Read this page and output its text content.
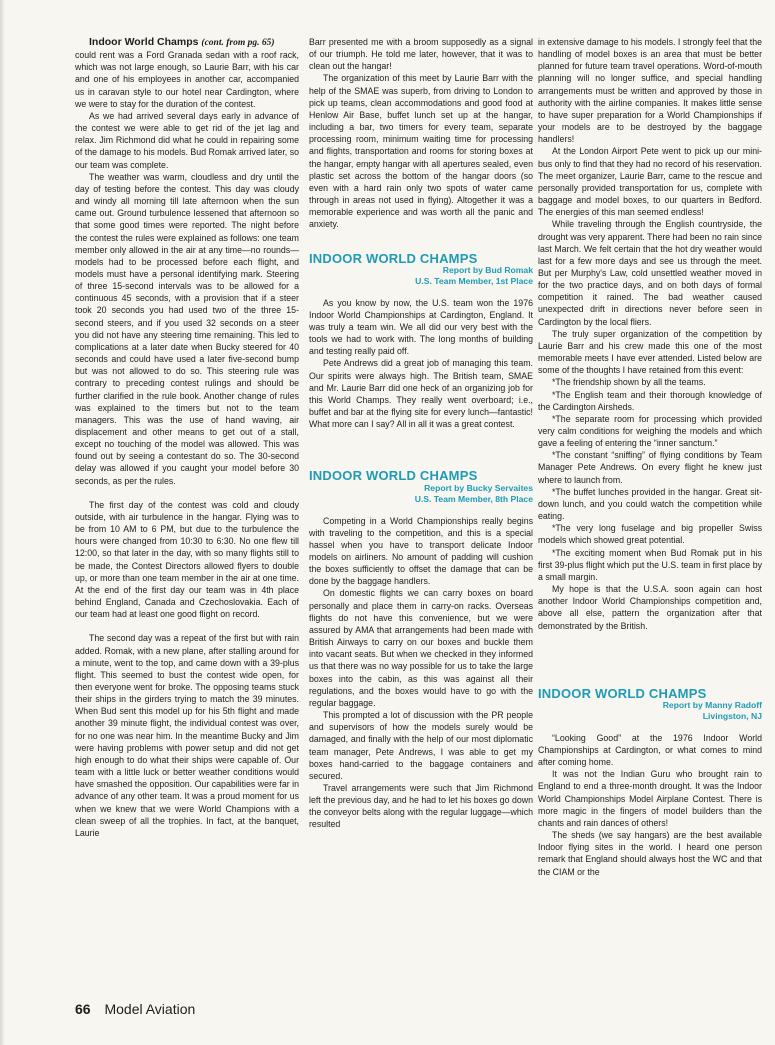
Indoor World Champs (cont. from pg. 65)

could rent was a Ford Granada sedan with a roof rack, which was not large enough, so Laurie Barr, with his car and one of his employees in another car, accompanied us in caravan style to our hotel near Cardington, where we were to stay for the duration of the contest.

As we had arrived several days early in advance of the contest we were able to get rid of the jet lag and relax. Jim Richmond did what he could in repairing some of the damage to his models. Bud Romak arrived later, so our team was complete.

The weather was warm, cloudless and dry until the day of testing before the contest. This day was cloudy and windy all morning till late afternoon when the sun came out. Ground turbulence lessened that afternoon so that some good times were reported. The night before the contest the rules were explained as follows: one team member only allowed in the air at any time—no rounds—models had to be processed before each flight, and models must have a personal identifying mark. Steering of three 15-second intervals was to be allowed for a continuous 45 seconds, with a provision that if a steer took 20 seconds you had used two of the three 15-second steers, and if you used 32 seconds on a steer you did not have any steering time remaining. This led to complications at a later date when Bucky steered for 40 seconds and could have used a later five-second bump but was not allowed to do so. This steering rule was contrary to preceding contest rulings and should be further clarified in the rule book. Another change of rules was explained to the timers but not to the team managers. This was the use of hand waving, air displacement and other means to get out of a stall, except no touching of the model was allowed. This was found out by seeing a contestant do so. The 30-second delay was allowed if you caught your model before 30 seconds, as per the rules.

The first day of the contest was cold and cloudy outside, with air turbulence in the hangar. Flying was to be from 10 AM to 6 PM, but due to the turbulence the hours were changed from 10:30 to 6:30. No one flew till 12:00, so that later in the day, with so many flights still to be made, the Contest Directors allowed flyers to double up, or more than one team member in the air at one time. At the end of the first day our team was in 4th place behind England, Canada and Czechoslovakia. Each of our team had at least one good flight on record.

The second day was a repeat of the first but with rain added. Romak, with a new plane, after stalling around for a minute, went to the top, and came down with a 39-plus flight. This seemed to bust the contest wide open, for then everyone went for broke. The opposing teams stuck their ships in the girders trying to match the 39 minutes. When Bud sent this model up for his 5th flight and made another 39 minute flight, the individual contest was over, for no one was near him. In the meantime Bucky and Jim were having problems with power setup and did not get high enough to do what their ships were capable of. Our team with a little luck or better weather conditions would have smashed the opposition. Our capabilities were far in advance of any other team. It was a proud moment for us when we knew that we were World Champions with a clean sweep of all the trophies. In fact, at the banquet, Laurie

Barr presented me with a broom supposedly as a signal of our triumph. He told me later, however, that it was to clean out the hangar!

The organization of this meet by Laurie Barr with the help of the SMAE was superb, from driving to London to pick up teams, clean accommodations and good food at Henlow Air Base, buffet lunch set up at the hangar, including a bar, two timers for every team, separate processing room, minimum waiting time for processing and flights, transportation and rooms for storing boxes at the hangar, empty hangar with all apertures sealed, even plastic set across the bottom of the hangar doors (so even with a hard rain only two spots of water came through in areas not used in flying). Altogether it was a memorable experience and was worth all the panic and anxiety.

INDOOR WORLD CHAMPS
Report by Bud Romak
U.S. Team Member, 1st Place

As you know by now, the U.S. team won the 1976 Indoor World Championships at Cardington, England. It was truly a team win. We all did our very best with the tools we had to work with. The long months of building and testing really paid off.

Pete Andrews did a great job of managing this team. Our spirits were always high. The British team, SMAE and Mr. Laurie Barr did one heck of an organizing job for this World Champs. They really went overboard; i.e., buffet and bar at the flying site for every lunch—fantastic! What more can I say? All in all it was a great contest.

INDOOR WORLD CHAMPS
Report by Bucky Servaites
U.S. Team Member, 8th Place

Competing in a World Championships really begins with traveling to the competition, and this is a special hassel when you have to transport delicate Indoor models on airliners. No amount of padding will cushion the boxes sufficiently to offset the damage that can be done by the baggage handlers.

On domestic flights we can carry boxes on board personally and place them in carry-on racks. Overseas flights do not have this convenience, but we were assured by AMA that arrangements had been made with British Airways to carry on our boxes and buckle them into vacant seats. But when we checked in they informed us that there was no way possible for us to take the large boxes into the cabin, as this was against all their regulations, and the boxes would have to go with the regular baggage.

This prompted a lot of discussion with the PR people and supervisors of how the models surely would be damaged, and finally with the help of our most diplomatic team manager, Pete Andrews, I was able to get my boxes hand-carried to the baggage containers and secured.

Travel arrangements were such that Jim Richmond left the previous day, and he had to let his boxes go down the conveyor belts along with the regular luggage—which resulted

in extensive damage to his models. I strongly feel that the handling of model boxes is an area that must be better planned for future team travel operations. Word-of-mouth planning will no longer suffice, and special handling arrangements must be written and approved by those in authority with the airline companies. It makes little sense to have super preparation for a World Championships if your models are to be destroyed by the baggage handlers!

At the London Airport Pete went to pick up our mini-bus only to find that they had no record of his reservation. The meet organizer, Laurie Barr, came to the rescue and personally provided transportation for us, complete with baggage and model boxes, to our quarters in Bedford. The energies of this man seemed endless!

While traveling through the English countryside, the drought was very apparent. There had been no rain since last March. We felt certain that the hot dry weather would last for a few more days and see us through the meet. But per Murphy's Law, cold unsettled weather moved in for the two practice days, and on both days of formal competition it rained. The bad weather caused unexpected drift in directions never before seen in Cardington by the local fliers.

The truly super organization of the competition by Laurie Barr and his crew made this one of the most memorable meets I have ever attended. Listed below are some of the thoughts I have retained from this event:

*The friendship shown by all the teams.

*The English team and their thorough knowledge of the Cardington Airsheds.

*The separate room for processing which provided very calm conditions for weighing the models and which gave a feeling of entering the “inner sanctum.”

*The constant “sniffing” of flying conditions by Team Manager Pete Andrews. On every flight he knew just where to launch from.

*The buffet lunches provided in the hangar. Great sit-down lunch, and you could watch the competition while eating.

*The very long fuselage and big propeller Swiss models which showed great potential.

*The exciting moment when Bud Romak put in his first 39-plus flight which put the U.S. team in first place by a small margin.

My hope is that the U.S.A. soon again can host another Indoor World Championships competition and, above all else, pattern the organization after that demonstrated by the British.

INDOOR WORLD CHAMPS
Report by Manny Radoff
Livingston, NJ

“Looking Good” at the 1976 Indoor World Championships at Cardington, or what comes to mind after coming home.

It was not the Indian Guru who brought rain to England to end a three-month drought. It was the Indoor World Championships Model Airplane Contest. There is more magic in the fingers of model builders than the chants and rain dances of others!

The sheds (we say hangars) are the best available Indoor flying sites in the world. I heard one person remark that England should always host the WC and that the CIAM or the

66 Model Aviation
